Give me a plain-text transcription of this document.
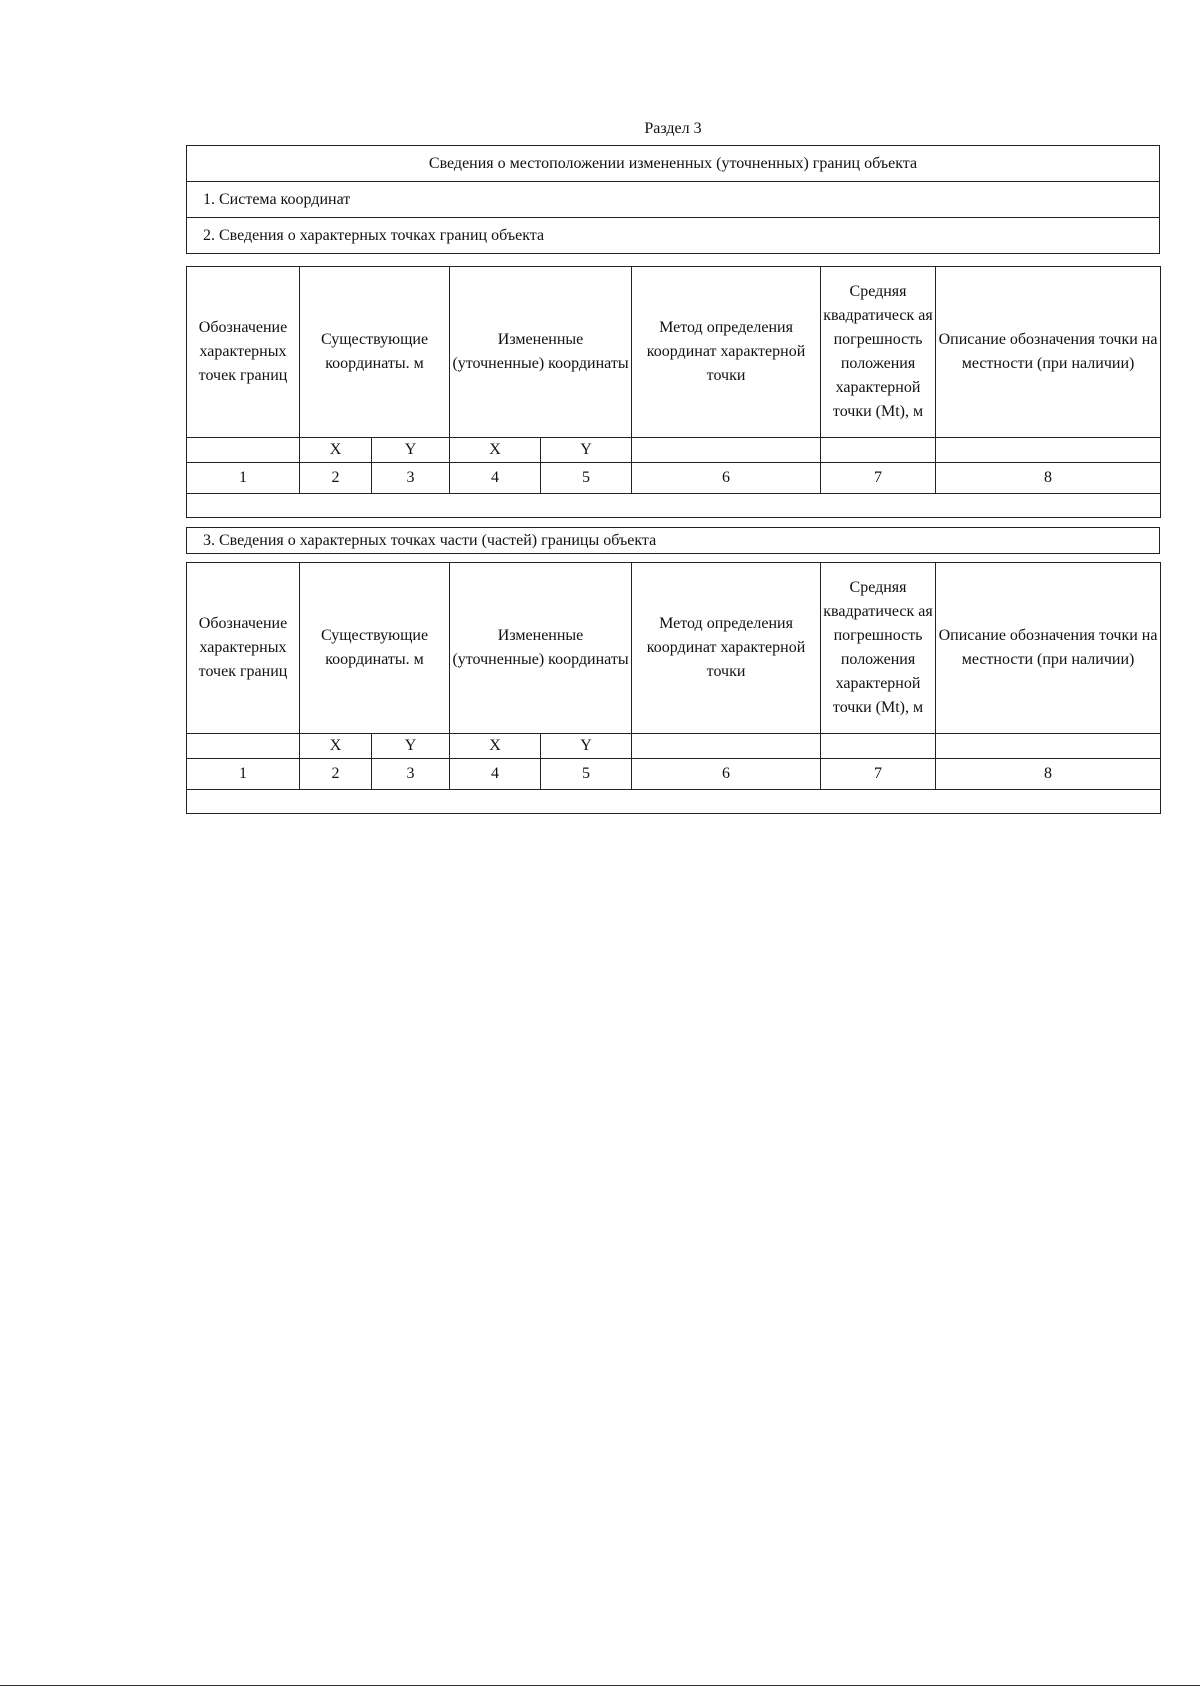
Раздел 3
Сведения о местоположении измененных (уточненных) границ объекта
1. Система координат
2. Сведения о характерных точках границ объекта
Обозначение характерных точек границ	Существующие координаты. м		Измененные (уточненные) координаты		Метод определения координат характерной точки	Средняя квадратическ ая погрешность положения характерной точки (Mt), м	Описание обозначения точки на местности (при наличии)
	X	Y	X	Y			
1	2	3	4	5	6	7	8

3. Сведения о характерных точках части (частей) границы объекта
Обозначение характерных точек границ	Существующие координаты. м		Измененные (уточненные) координаты		Метод определения координат характерной точки	Средняя квадратическ ая погрешность положения характерной точки (Mt), м	Описание обозначения точки на местности (при наличии)
	X	Y	X	Y			
1	2	3	4	5	6	7	8
